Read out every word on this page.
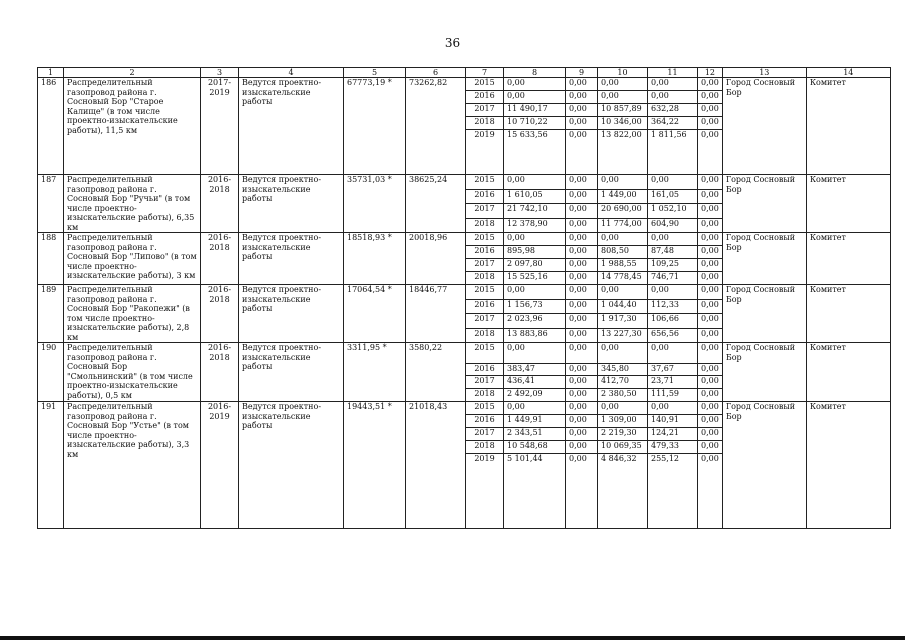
36
1	2	3	4	5	6	7	8	9	10	11	12	13	14
186	Распределительный газопровод района г. Сосновый Бор "Старое Калище" (в том числе проектно-изыскательские работы), 11,5 км	2017- 2019	Ведутся проектно-изыскательские работы	67773,19 *	73262,82	2015	0,00	0,00	0,00	0,00	0,00	Город Сосновый Бор	Комитет
						2016	0,00	0,00	0,00	0,00	0,00		
						2017	11 490,17	0,00	10 857,89	632,28	0,00		
						2018	10 710,22	0,00	10 346,00	364,22	0,00		
						2019	15 633,56	0,00	13 822,00	1 811,56	0,00		
187	Распределительный газопровод района г. Сосновый Бор "Ручьи" (в том числе проектно-изыскательские работы), 6,35 км	2016- 2018	Ведутся проектно-изыскательские работы	35731,03 *	38625,24	2015	0,00	0,00	0,00	0,00	0,00	Город Сосновый Бор	Комитет
						2016	1 610,05	0,00	1 449,00	161,05	0,00		
						2017	21 742,10	0,00	20 690,00	1 052,10	0,00		
						2018	12 378,90	0,00	11 774,00	604,90	0,00		
188	Распределительный газопровод района г. Сосновый Бор "Липово" (в том числе проектно-изыскательские работы), 3 км	2016- 2018	Ведутся проектно-изыскательские работы	18518,93 *	20018,96	2015	0,00	0,00	0,00	0,00	0,00	Город Сосновый Бор	Комитет
						2016	895,98	0,00	808,50	87,48	0,00		
						2017	2 097,80	0,00	1 988,55	109,25	0,00		
						2018	15 525,16	0,00	14 778,45	746,71	0,00		
189	Распределительный газопровод района г. Сосновый Бор "Ракопежи" (в том числе проектно-изыскательские работы), 2,8 км	2016- 2018	Ведутся проектно-изыскательские работы	17064,54 *	18446,77	2015	0,00	0,00	0,00	0,00	0,00	Город Сосновый Бор	Комитет
						2016	1 156,73	0,00	1 044,40	112,33	0,00		
						2017	2 023,96	0,00	1 917,30	106,66	0,00		
						2018	13 883,86	0,00	13 227,30	656,56	0,00		
190	Распределительный газопровод района г. Сосновый Бор "Смольнинский" (в том числе проектно-изыскательские работы), 0,5 км	2016- 2018	Ведутся проектно-изыскательские работы	3311,95 *	3580,22	2015	0,00	0,00	0,00	0,00	0,00	Город Сосновый Бор	Комитет
						2016	383,47	0,00	345,80	37,67	0,00		
						2017	436,41	0,00	412,70	23,71	0,00		
						2018	2 492,09	0,00	2 380,50	111,59	0,00		
191	Распределительный газопровод района г. Сосновый Бор "Устье" (в том числе проектно-изыскательские работы), 3,3 км	2016- 2019	Ведутся проектно-изыскательские работы	19443,51 *	21018,43	2015	0,00	0,00	0,00	0,00	0,00	Город Сосновый Бор	Комитет
						2016	1 449,91	0,00	1 309,00	140,91	0,00		
						2017	2 343,51	0,00	2 219,30	124,21	0,00		
						2018	10 548,68	0,00	10 069,35	479,33	0,00		
						2019	5 101,44	0,00	4 846,32	255,12	0,00		
